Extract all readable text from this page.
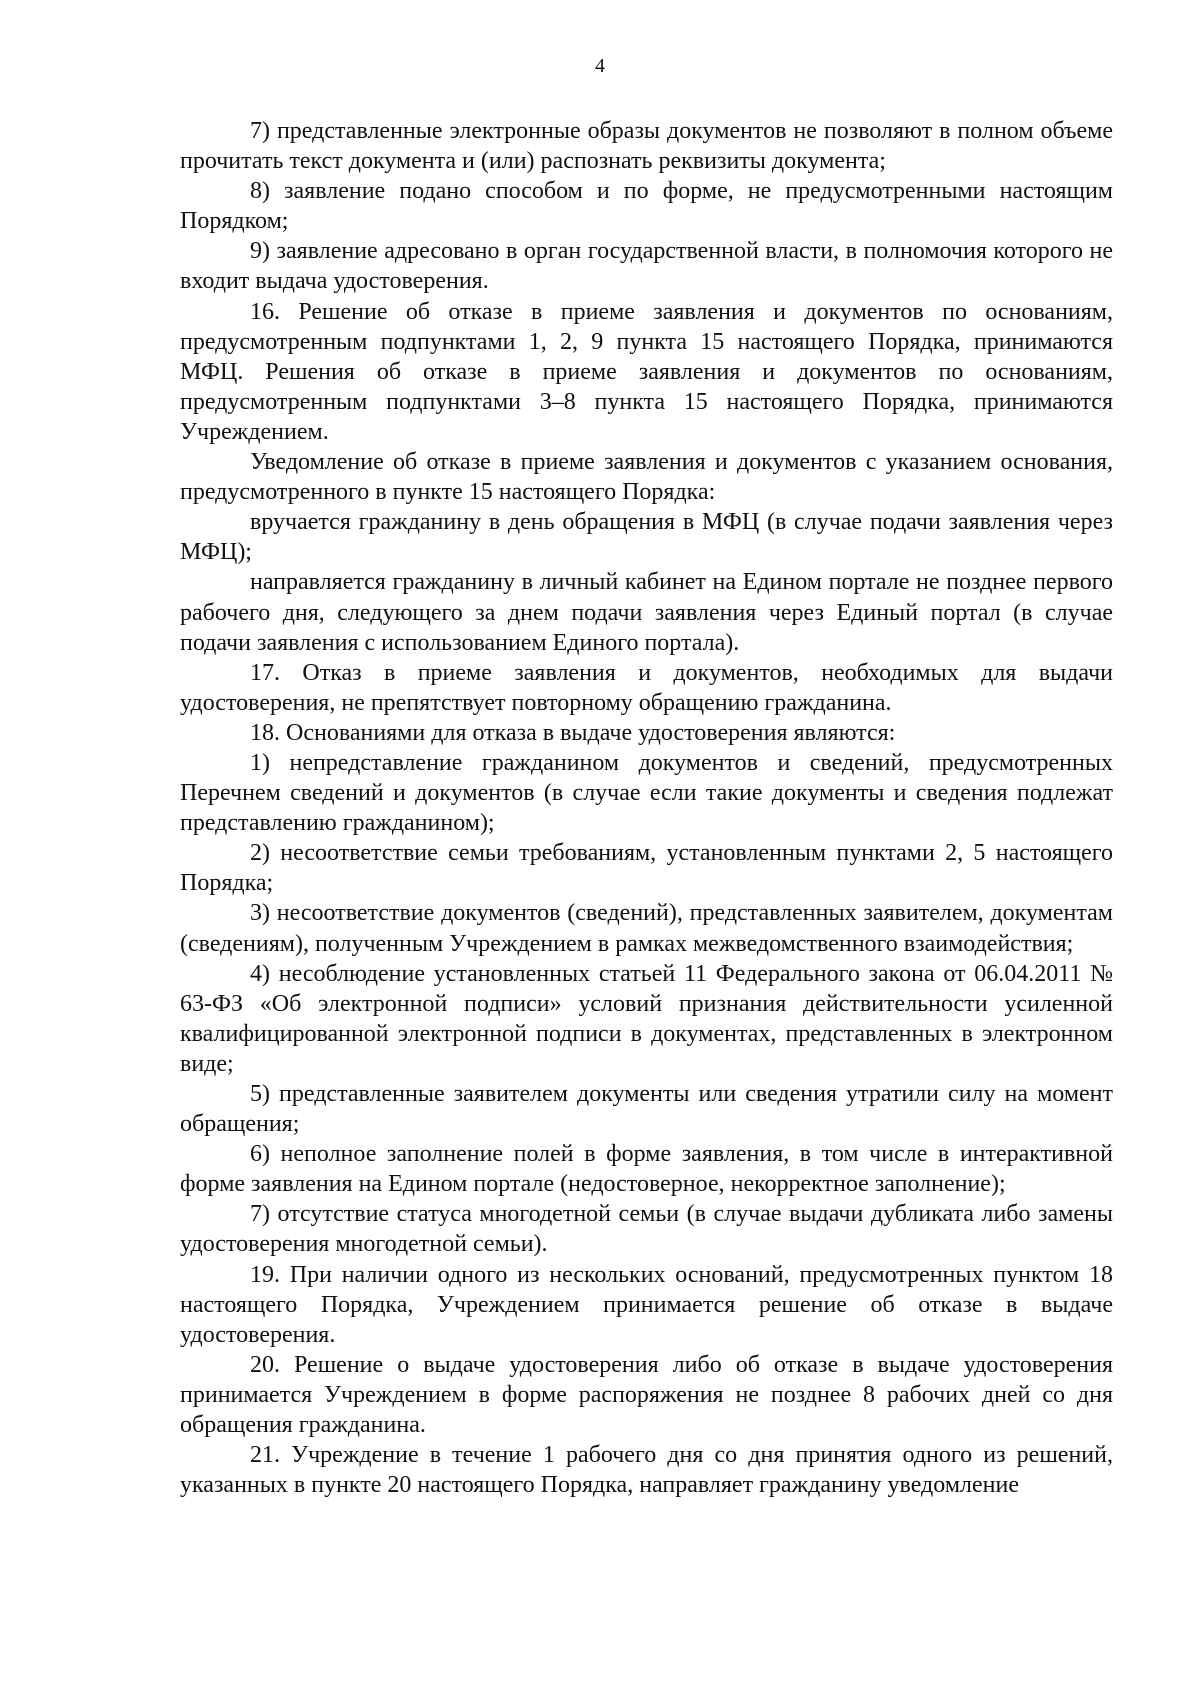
4

7) представленные электронные образы документов не позволяют в полном объеме прочитать текст документа и (или) распознать реквизиты документа;

8) заявление подано способом и по форме, не предусмотренными настоящим Порядком;

9) заявление адресовано в орган государственной власти, в полномочия которого не входит выдача удостоверения.

16. Решение об отказе в приеме заявления и документов по основаниям, предусмотренным подпунктами 1, 2, 9 пункта 15 настоящего Порядка, принимаются МФЦ. Решения об отказе в приеме заявления и документов по основаниям, предусмотренным подпунктами 3–8 пункта 15 настоящего Порядка, принимаются Учреждением.

Уведомление об отказе в приеме заявления и документов с указанием основания, предусмотренного в пункте 15 настоящего Порядка:

вручается гражданину в день обращения в МФЦ (в случае подачи заявления через МФЦ);

направляется гражданину в личный кабинет на Едином портале не позднее первого рабочего дня, следующего за днем подачи заявления через Единый портал (в случае подачи заявления с использованием Единого портала).

17. Отказ в приеме заявления и документов, необходимых для выдачи удостоверения, не препятствует повторному обращению гражданина.

18. Основаниями для отказа в выдаче удостоверения являются:

1) непредставление гражданином документов и сведений, предусмотренных Перечнем сведений и документов (в случае если такие документы и сведения подлежат представлению гражданином);

2) несоответствие семьи требованиям, установленным пунктами 2, 5 настоящего Порядка;

3) несоответствие документов (сведений), представленных заявителем, документам (сведениям), полученным Учреждением в рамках межведомственного взаимодействия;

4) несоблюдение установленных статьей 11 Федерального закона от 06.04.2011 № 63-ФЗ «Об электронной подписи» условий признания действительности усиленной квалифицированной электронной подписи в документах, представленных в электронном виде;

5) представленные заявителем документы или сведения утратили силу на момент обращения;

6) неполное заполнение полей в форме заявления, в том числе в интерактивной форме заявления на Едином портале (недостоверное, некорректное заполнение);

7) отсутствие статуса многодетной семьи (в случае выдачи дубликата либо замены удостоверения многодетной семьи).

19. При наличии одного из нескольких оснований, предусмотренных пунктом 18 настоящего Порядка, Учреждением принимается решение об отказе в выдаче удостоверения.

20. Решение о выдаче удостоверения либо об отказе в выдаче удостоверения принимается Учреждением в форме распоряжения не позднее 8 рабочих дней со дня обращения гражданина.

21. Учреждение в течение 1 рабочего дня со дня принятия одного из решений, указанных в пункте 20 настоящего Порядка, направляет гражданину уведомление
